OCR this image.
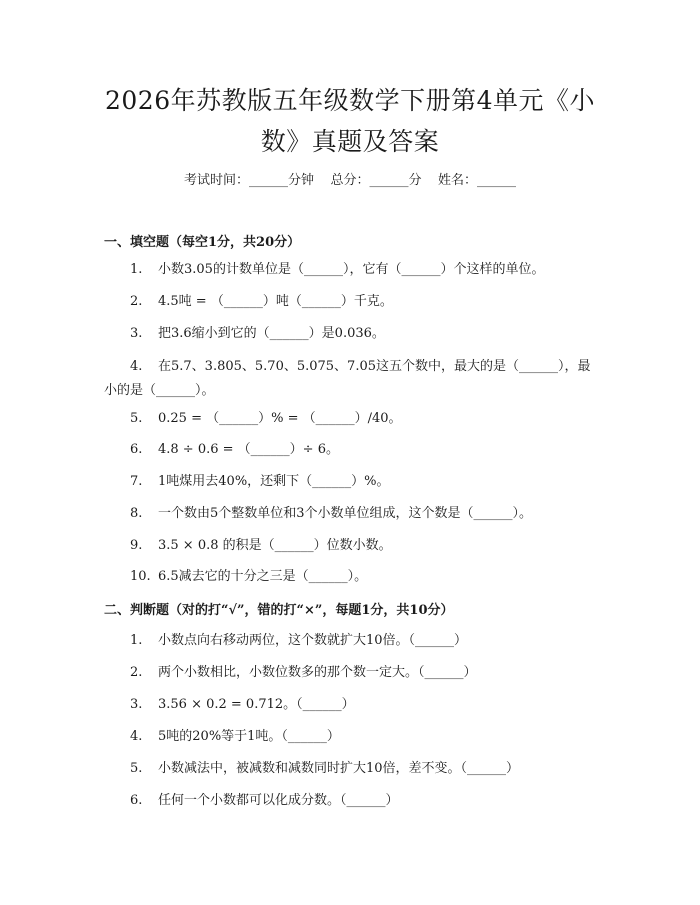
2026年苏教版五年级数学下册第4单元《小数》真题及答案
考试时间：______分钟    总分：______分    姓名：______
一、填空题（每空1分，共20分）

1. 小数3.05的计数单位是（______），它有（______）个这样的单位。

2. 4.5吨 = （______）吨（______）千克。

3. 把3.6缩小到它的（______）是0.036。

4. 在5.7、3.805、5.70、5.075、7.05这五个数中，最大的是（______），最小的是（______）。

5. 0.25 = （______）% = （______）/40。

6. 4.8 ÷ 0.6 = （______）÷ 6。

7. 1吨煤用去40%，还剩下（______）%。

8. 一个数由5个整数单位和3个小数单位组成，这个数是（______）。

9. 3.5 × 0.8 的积是（______）位数小数。

10. 6.5减去它的十分之三是（______）。

二、判断题（对的打“√”，错的打“×”，每题1分，共10分）

1. 小数点向右移动两位，这个数就扩大10倍。（______）

2. 两个小数相比，小数位数多的那个数一定大。（______）

3. 3.56 × 0.2 = 0.712。（______）

4. 5吨的20%等于1吨。（______）

5. 小数减法中，被减数和减数同时扩大10倍，差不变。（______）

6. 任何一个小数都可以化成分数。（______）
